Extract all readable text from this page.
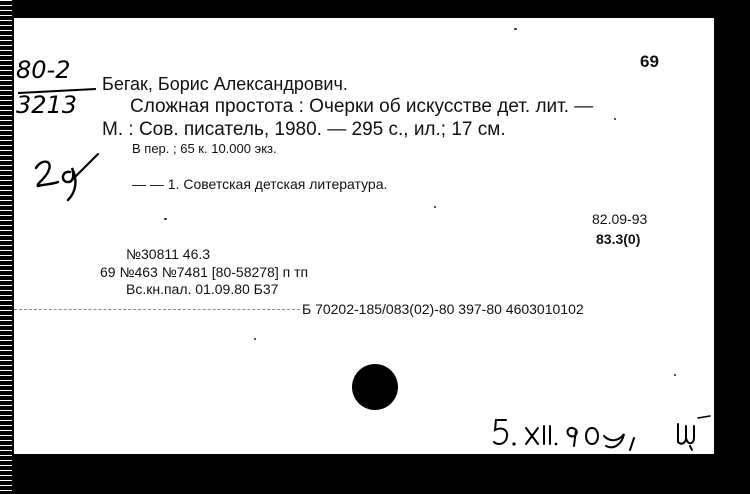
69
80-2
3213
Бегак, Борис Александрович.
Сложная простота : Очерки об искусстве дет. лит. —
М. : Сов. писатель, 1980. — 295 с., ил.; 17 см.
В пер. ; 65 к. 10.000 экз.
— — 1. Советская детская литература.
82.09-93
83.3(0)
№30811 46.3
69 №463 №7481 [80-58278] п тп
Вс.кн.пал. 01.09.80 Б37
Б 70202-185/083(02)-80 397-80 4603010102
